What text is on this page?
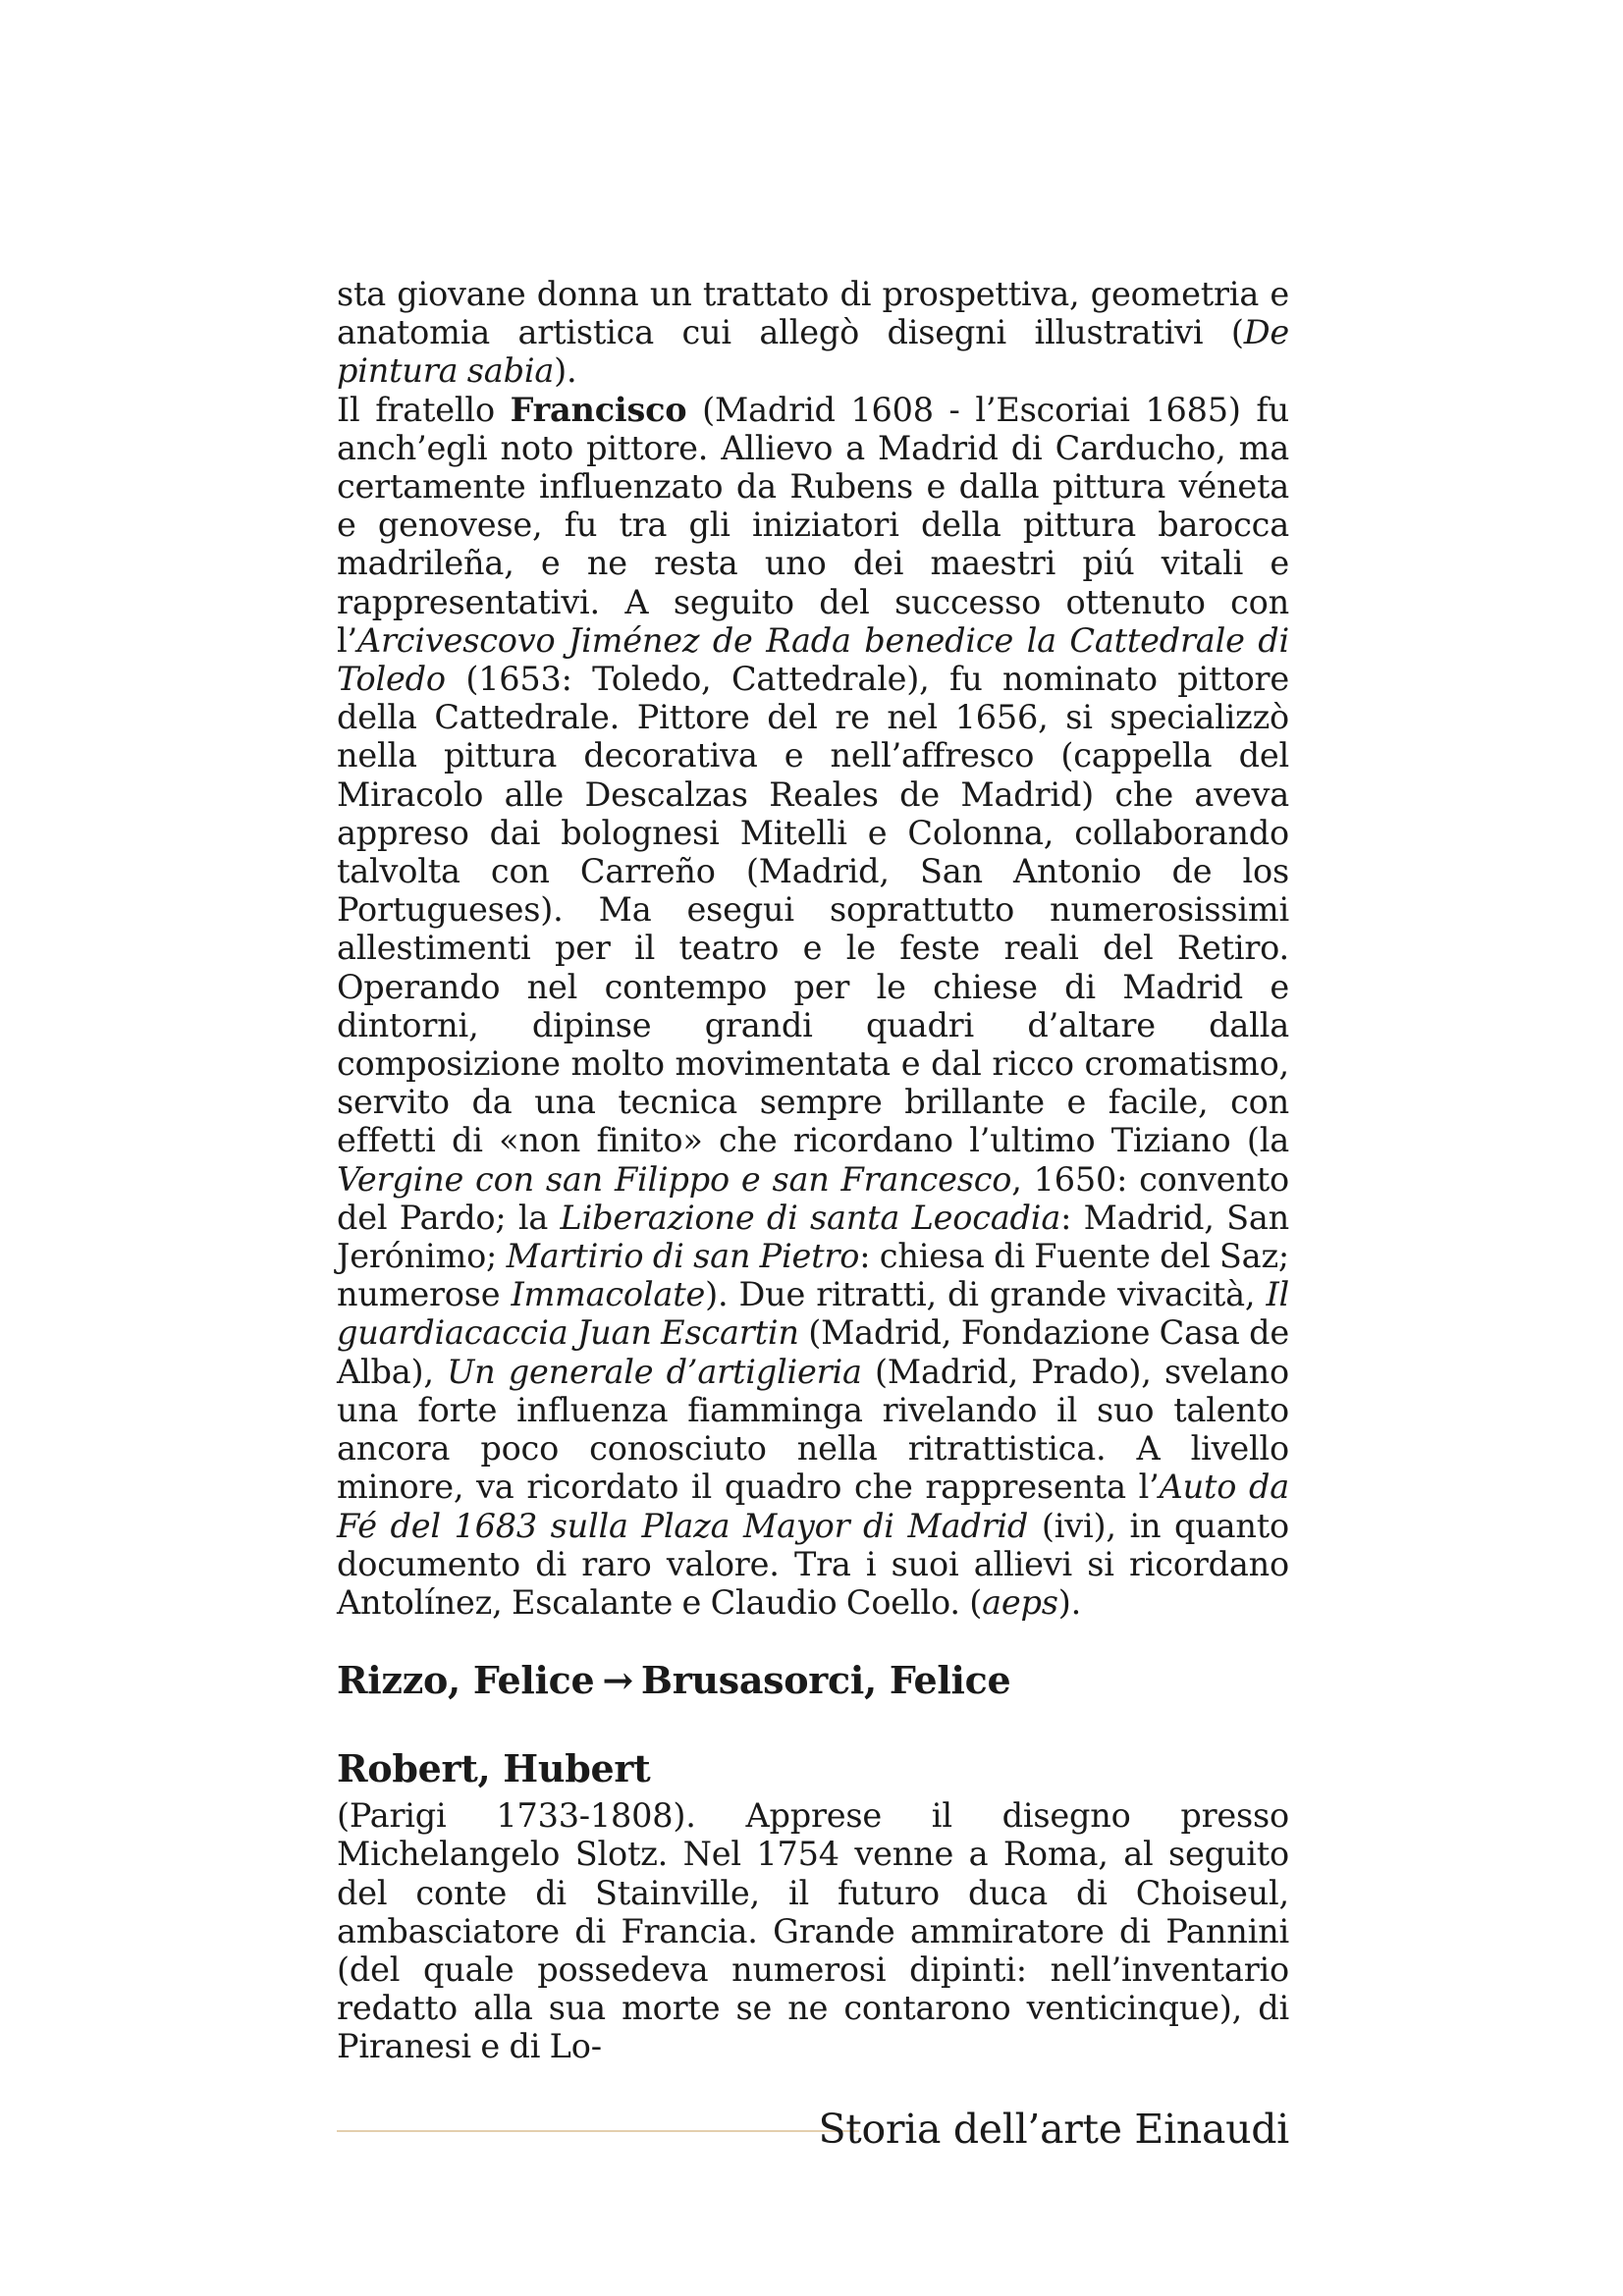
sta giovane donna un trattato di prospettiva, geometria e anatomia artistica cui allegò disegni illustrativi (De pintura sabia).

Il fratello Francisco (Madrid 1608 - l’Escoriai 1685) fu anch’egli noto pittore. Allievo a Madrid di Carducho, ma certamente influenzato da Rubens e dalla pittura véneta e genovese, fu tra gli iniziatori della pittura barocca madrileña, e ne resta uno dei maestri piú vitali e rappresentativi. A seguito del successo ottenuto con l’Arcivescovo Jiménez de Rada benedice la Cattedrale di Toledo (1653: Toledo, Cattedrale), fu nominato pittore della Cattedrale. Pittore del re nel 1656, si specializzò nella pittura decorativa e nell’affresco (cappella del Miracolo alle Descalzas Reales de Madrid) che aveva appreso dai bolognesi Mitelli e Colonna, collaborando talvolta con Carreño (Madrid, San Antonio de los Portugueses). Ma esegui soprattutto numerosissimi allestimenti per il teatro e le feste reali del Retiro. Operando nel contempo per le chiese di Madrid e dintorni, dipinse grandi quadri d’altare dalla composizione molto movimentata e dal ricco cromatismo, servito da una tecnica sempre brillante e facile, con effetti di «non finito» che ricordano l’ultimo Tiziano (la Vergine con san Filippo e san Francesco, 1650: convento del Pardo; la Liberazione di santa Leocadia: Madrid, San Jerónimo; Martirio di san Pietro: chiesa di Fuente del Saz; numerose Immacolate). Due ritratti, di grande vivacità, Il guardiacaccia Juan Escartin (Madrid, Fondazione Casa de Alba), Un generale d’artiglieria (Madrid, Prado), svelano una forte influenza fiamminga rivelando il suo talento ancora poco conosciuto nella ritrattistica. A livello minore, va ricordato il quadro che rappresenta l’Auto da Fé del 1683 sulla Plaza Mayor di Madrid (ivi), in quanto documento di raro valore. Tra i suoi allievi si ricordano Antolínez, Escalante e Claudio Coello. (aeps).

Rizzo, Felice → Brusasorci, Felice
Robert, Hubert

(Parigi 1733-1808). Apprese il disegno presso Michelangelo Slotz. Nel 1754 venne a Roma, al seguito del conte di Stainville, il futuro duca di Choiseul, ambasciatore di Francia. Grande ammiratore di Pannini (del quale possedeva numerosi dipinti: nell’inventario redatto alla sua morte se ne contarono venticinque), di Piranesi e di Lo-

Storia dell’arte Einaudi
